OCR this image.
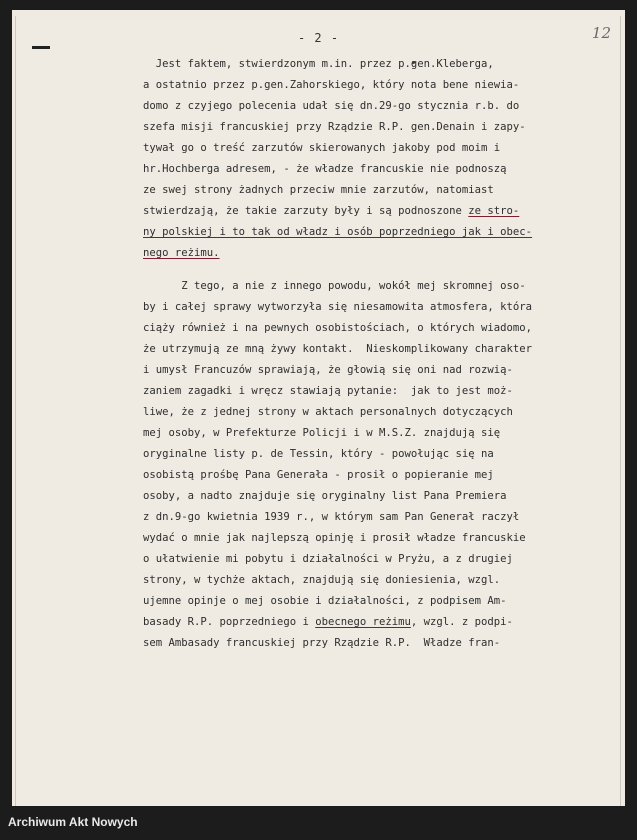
- 2 -	12
Jest faktem, stwierdzonym m.in. przez p.gen.Kleberga,
a ostatnio przez p.gen.Zahorskiego, który nota bene niewia-
domo z czyjego polecenia udał się dn.29-go stycznia r.b. do
szefa misji francuskiej przy Rządzie R.P. gen.Denain i zapy-
tywał go o treść zarzutów skierowanych jakoby pod moim i
hr.Hochberga adresem, - że władze francuskie nie podnoszą
ze swej strony żadnych przeciw mnie zarzutów, natomiast
stwierdzają, że takie zarzuty były i są podnoszone ze stro-
ny polskiej i to tak od władz i osób poprzedniego jak i obec-
nego reżimu.
Z tego, a nie z innego powodu, wokół mej skromnej oso-
by i całej sprawy wytworzyła się niesamowita atmosfera, która
ciąży również i na pewnych osobistościach, o których wiadomo,
że utrzymują ze mną żywy kontakt.  Nieskomplikowany charakter
i umysł Francuzów sprawiają, że głowią się oni nad rozwią-
zaniem zagadki i wręcz stawiają pytanie:  jak to jest moż-
liwe, że z jednej strony w aktach personalnych dotyczących
mej osoby, w Prefekturze Policji i w M.S.Z. znajdują się
oryginalne listy p. de Tessin, który - powołując się na
osobistą prośbę Pana Generała - prosił o popieranie mej
osoby, a nadto znajduje się oryginalny list Pana Premiera
z dn.9-go kwietnia 1939 r., w którym sam Pan Generał raczył
wydać o mnie jak najlepszą opinję i prosił władze francuskie
o ułatwienie mi pobytu i działalności w Pryżu, a z drugiej
strony, w tychże aktach, znajdują się doniesienia, wzgl.
ujemne opinje o mej osobie i działalności, z podpisem Am-
basady R.P. poprzedniego i obecnego reżimu, wzgl. z podpi-
sem Ambasady francuskiej przy Rządzie R.P.  Władze fran-
Archiwum Akt Nowych
